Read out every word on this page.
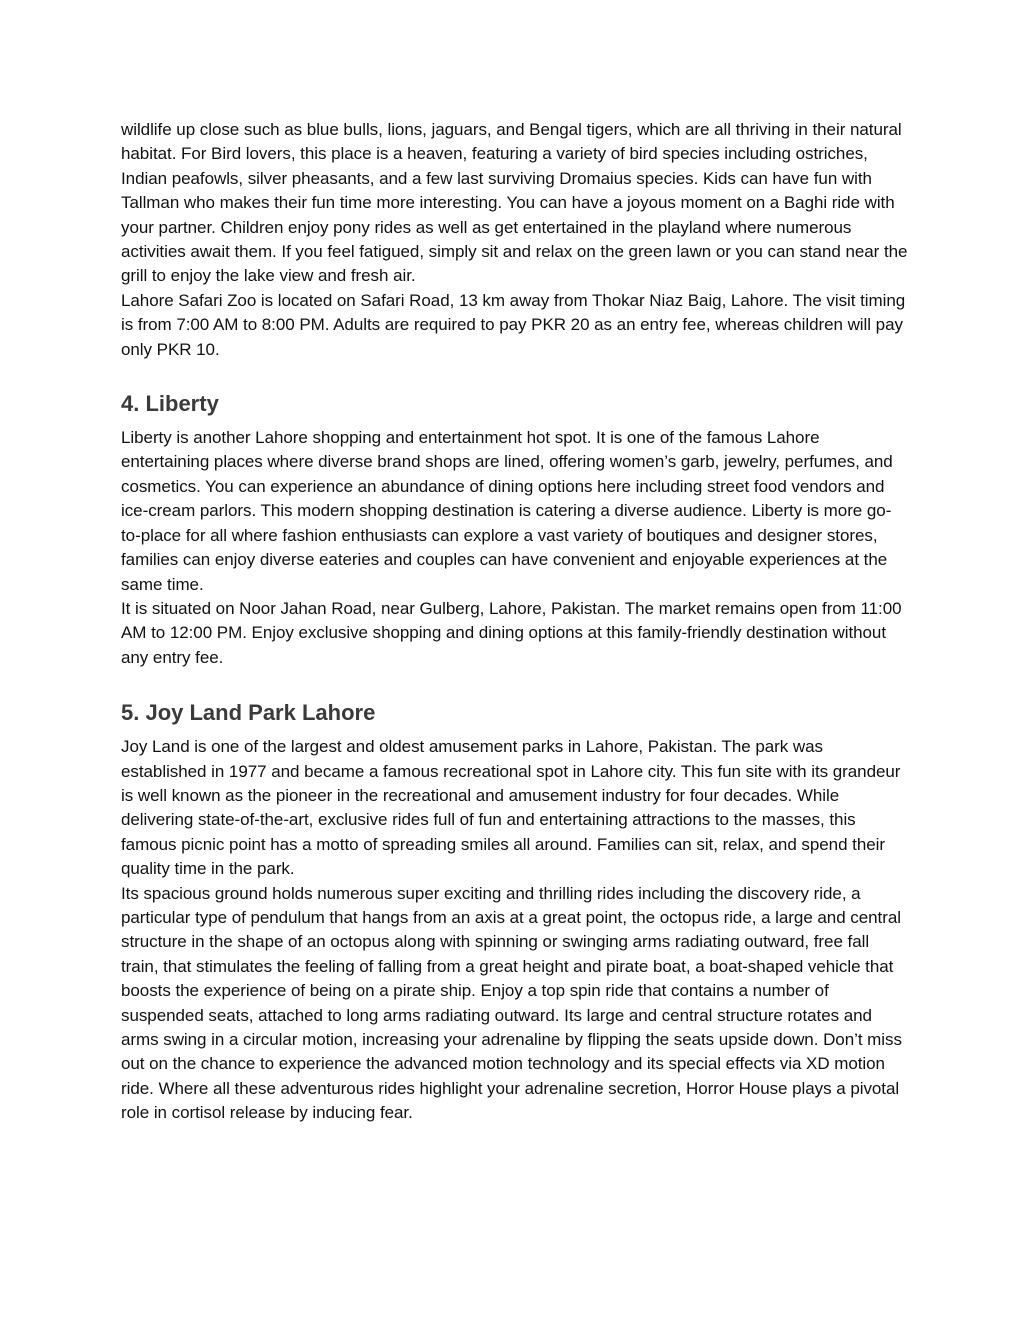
wildlife up close such as blue bulls, lions, jaguars, and Bengal tigers, which are all thriving in their natural habitat. For Bird lovers, this place is a heaven, featuring a variety of bird species including ostriches, Indian peafowls, silver pheasants, and a few last surviving Dromaius species. Kids can have fun with Tallman who makes their fun time more interesting. You can have a joyous moment on a Baghi ride with your partner. Children enjoy pony rides as well as get entertained in the playland where numerous activities await them. If you feel fatigued, simply sit and relax on the green lawn or you can stand near the grill to enjoy the lake view and fresh air.

Lahore Safari Zoo is located on Safari Road, 13 km away from Thokar Niaz Baig, Lahore. The visit timing is from 7:00 AM to 8:00 PM. Adults are required to pay PKR 20 as an entry fee, whereas children will pay only PKR 10.

4. Liberty

Liberty is another Lahore shopping and entertainment hot spot. It is one of the famous Lahore entertaining places where diverse brand shops are lined, offering women’s garb, jewelry, perfumes, and cosmetics. You can experience an abundance of dining options here including street food vendors and ice-cream parlors. This modern shopping destination is catering a diverse audience. Liberty is more go-to-place for all where fashion enthusiasts can explore a vast variety of boutiques and designer stores, families can enjoy diverse eateries and couples can have convenient and enjoyable experiences at the same time.

It is situated on Noor Jahan Road, near Gulberg, Lahore, Pakistan. The market remains open from 11:00 AM to 12:00 PM. Enjoy exclusive shopping and dining options at this family-friendly destination without any entry fee.

5. Joy Land Park Lahore

Joy Land is one of the largest and oldest amusement parks in Lahore, Pakistan. The park was established in 1977 and became a famous recreational spot in Lahore city. This fun site with its grandeur is well known as the pioneer in the recreational and amusement industry for four decades. While delivering state-of-the-art, exclusive rides full of fun and entertaining attractions to the masses, this famous picnic point has a motto of spreading smiles all around. Families can sit, relax, and spend their quality time in the park.

Its spacious ground holds numerous super exciting and thrilling rides including the discovery ride, a particular type of pendulum that hangs from an axis at a great point, the octopus ride, a large and central structure in the shape of an octopus along with spinning or swinging arms radiating outward, free fall train, that stimulates the feeling of falling from a great height and pirate boat, a boat-shaped vehicle that boosts the experience of being on a pirate ship. Enjoy a top spin ride that contains a number of suspended seats, attached to long arms radiating outward. Its large and central structure rotates and arms swing in a circular motion, increasing your adrenaline by flipping the seats upside down. Don’t miss out on the chance to experience the advanced motion technology and its special effects via XD motion ride. Where all these adventurous rides highlight your adrenaline secretion, Horror House plays a pivotal role in cortisol release by inducing fear.
